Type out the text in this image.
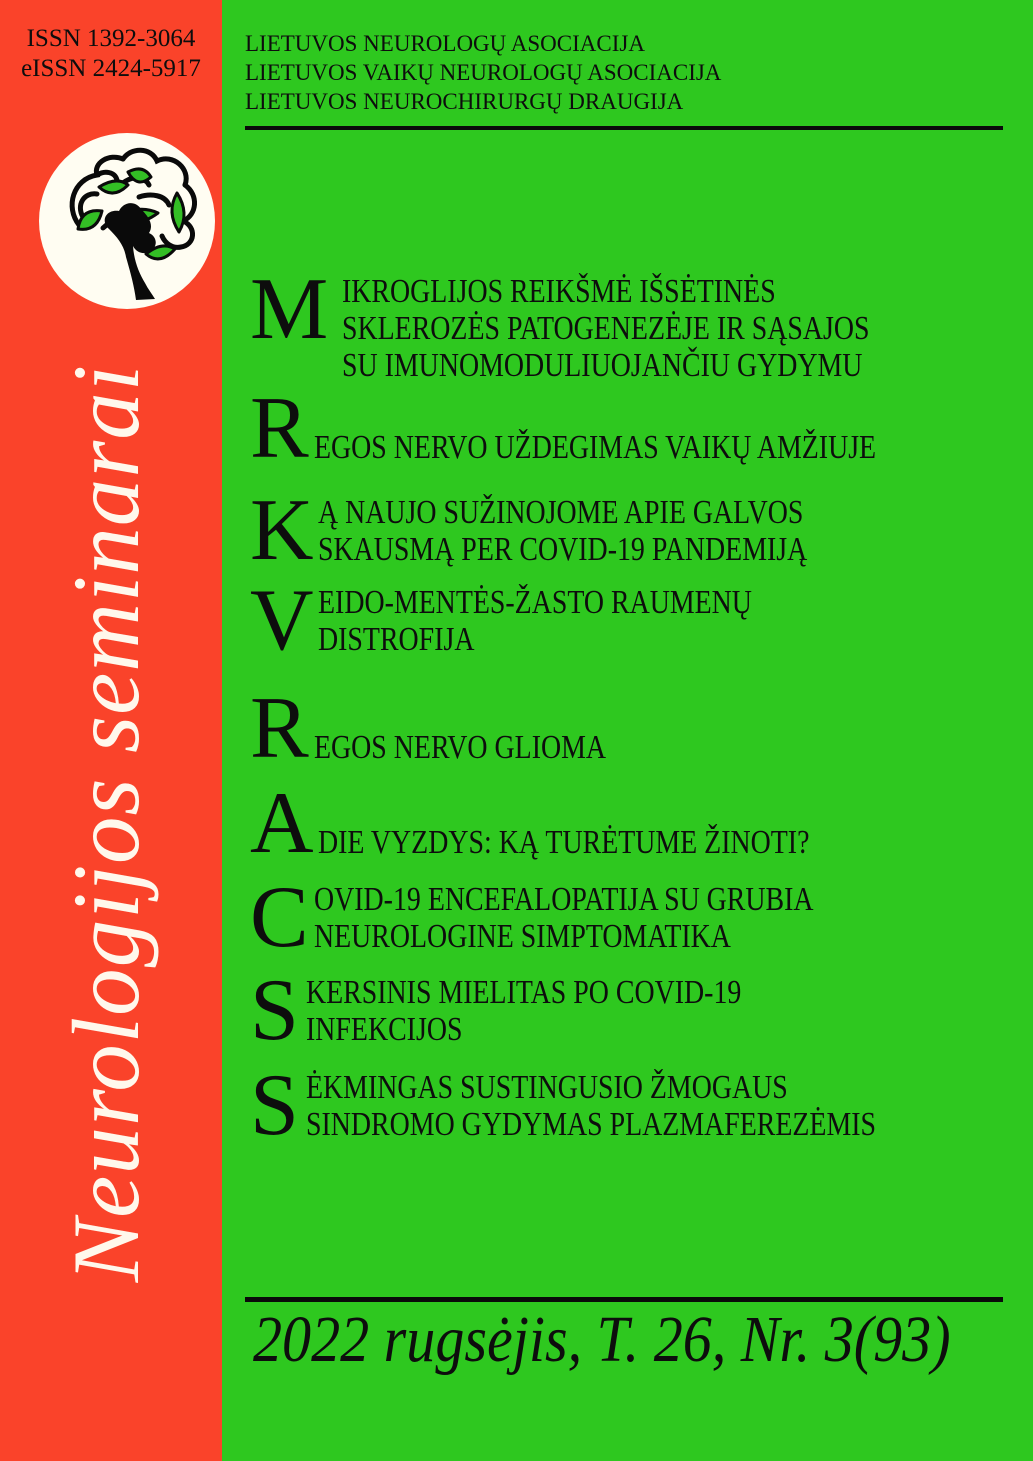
ISSN 1392-3064
eISSN 2424-5917
Neurologijos seminarai
LIETUVOS NEUROLOGŲ ASOCIACIJA
LIETUVOS VAIKŲ NEUROLOGŲ ASOCIACIJA
LIETUVOS NEUROCHIRURGŲ DRAUGIJA
M IKROGLIJOS REIKŠMĖ IŠSĖTINĖS
SKLEROZĖS PATOGENEZĖJE IR SĄSAJOS
SU IMUNOMODULIUOJANČIU GYDYMU
R EGOS NERVO UŽDEGIMAS VAIKŲ AMŽIUJE
K Ą NAUJO SUŽINOJOME APIE GALVOS
SKAUSMĄ PER COVID-19 PANDEMIJĄ
V EIDO-MENTĖS-ŽASTO RAUMENŲ
DISTROFIJA
R EGOS NERVO GLIOMA
A DIE VYZDYS: KĄ TURĖTUME ŽINOTI?
C OVID-19 ENCEFALOPATIJA SU GRUBIA
NEUROLOGINE SIMPTOMATIKA
S KERSINIS MIELITAS PO COVID-19
INFEKCIJOS
S ĖKMINGAS SUSTINGUSIO ŽMOGAUS
SINDROMO GYDYMAS PLAZMAFEREZĖMIS
2022 rugsėjis, T. 26, Nr. 3(93)
